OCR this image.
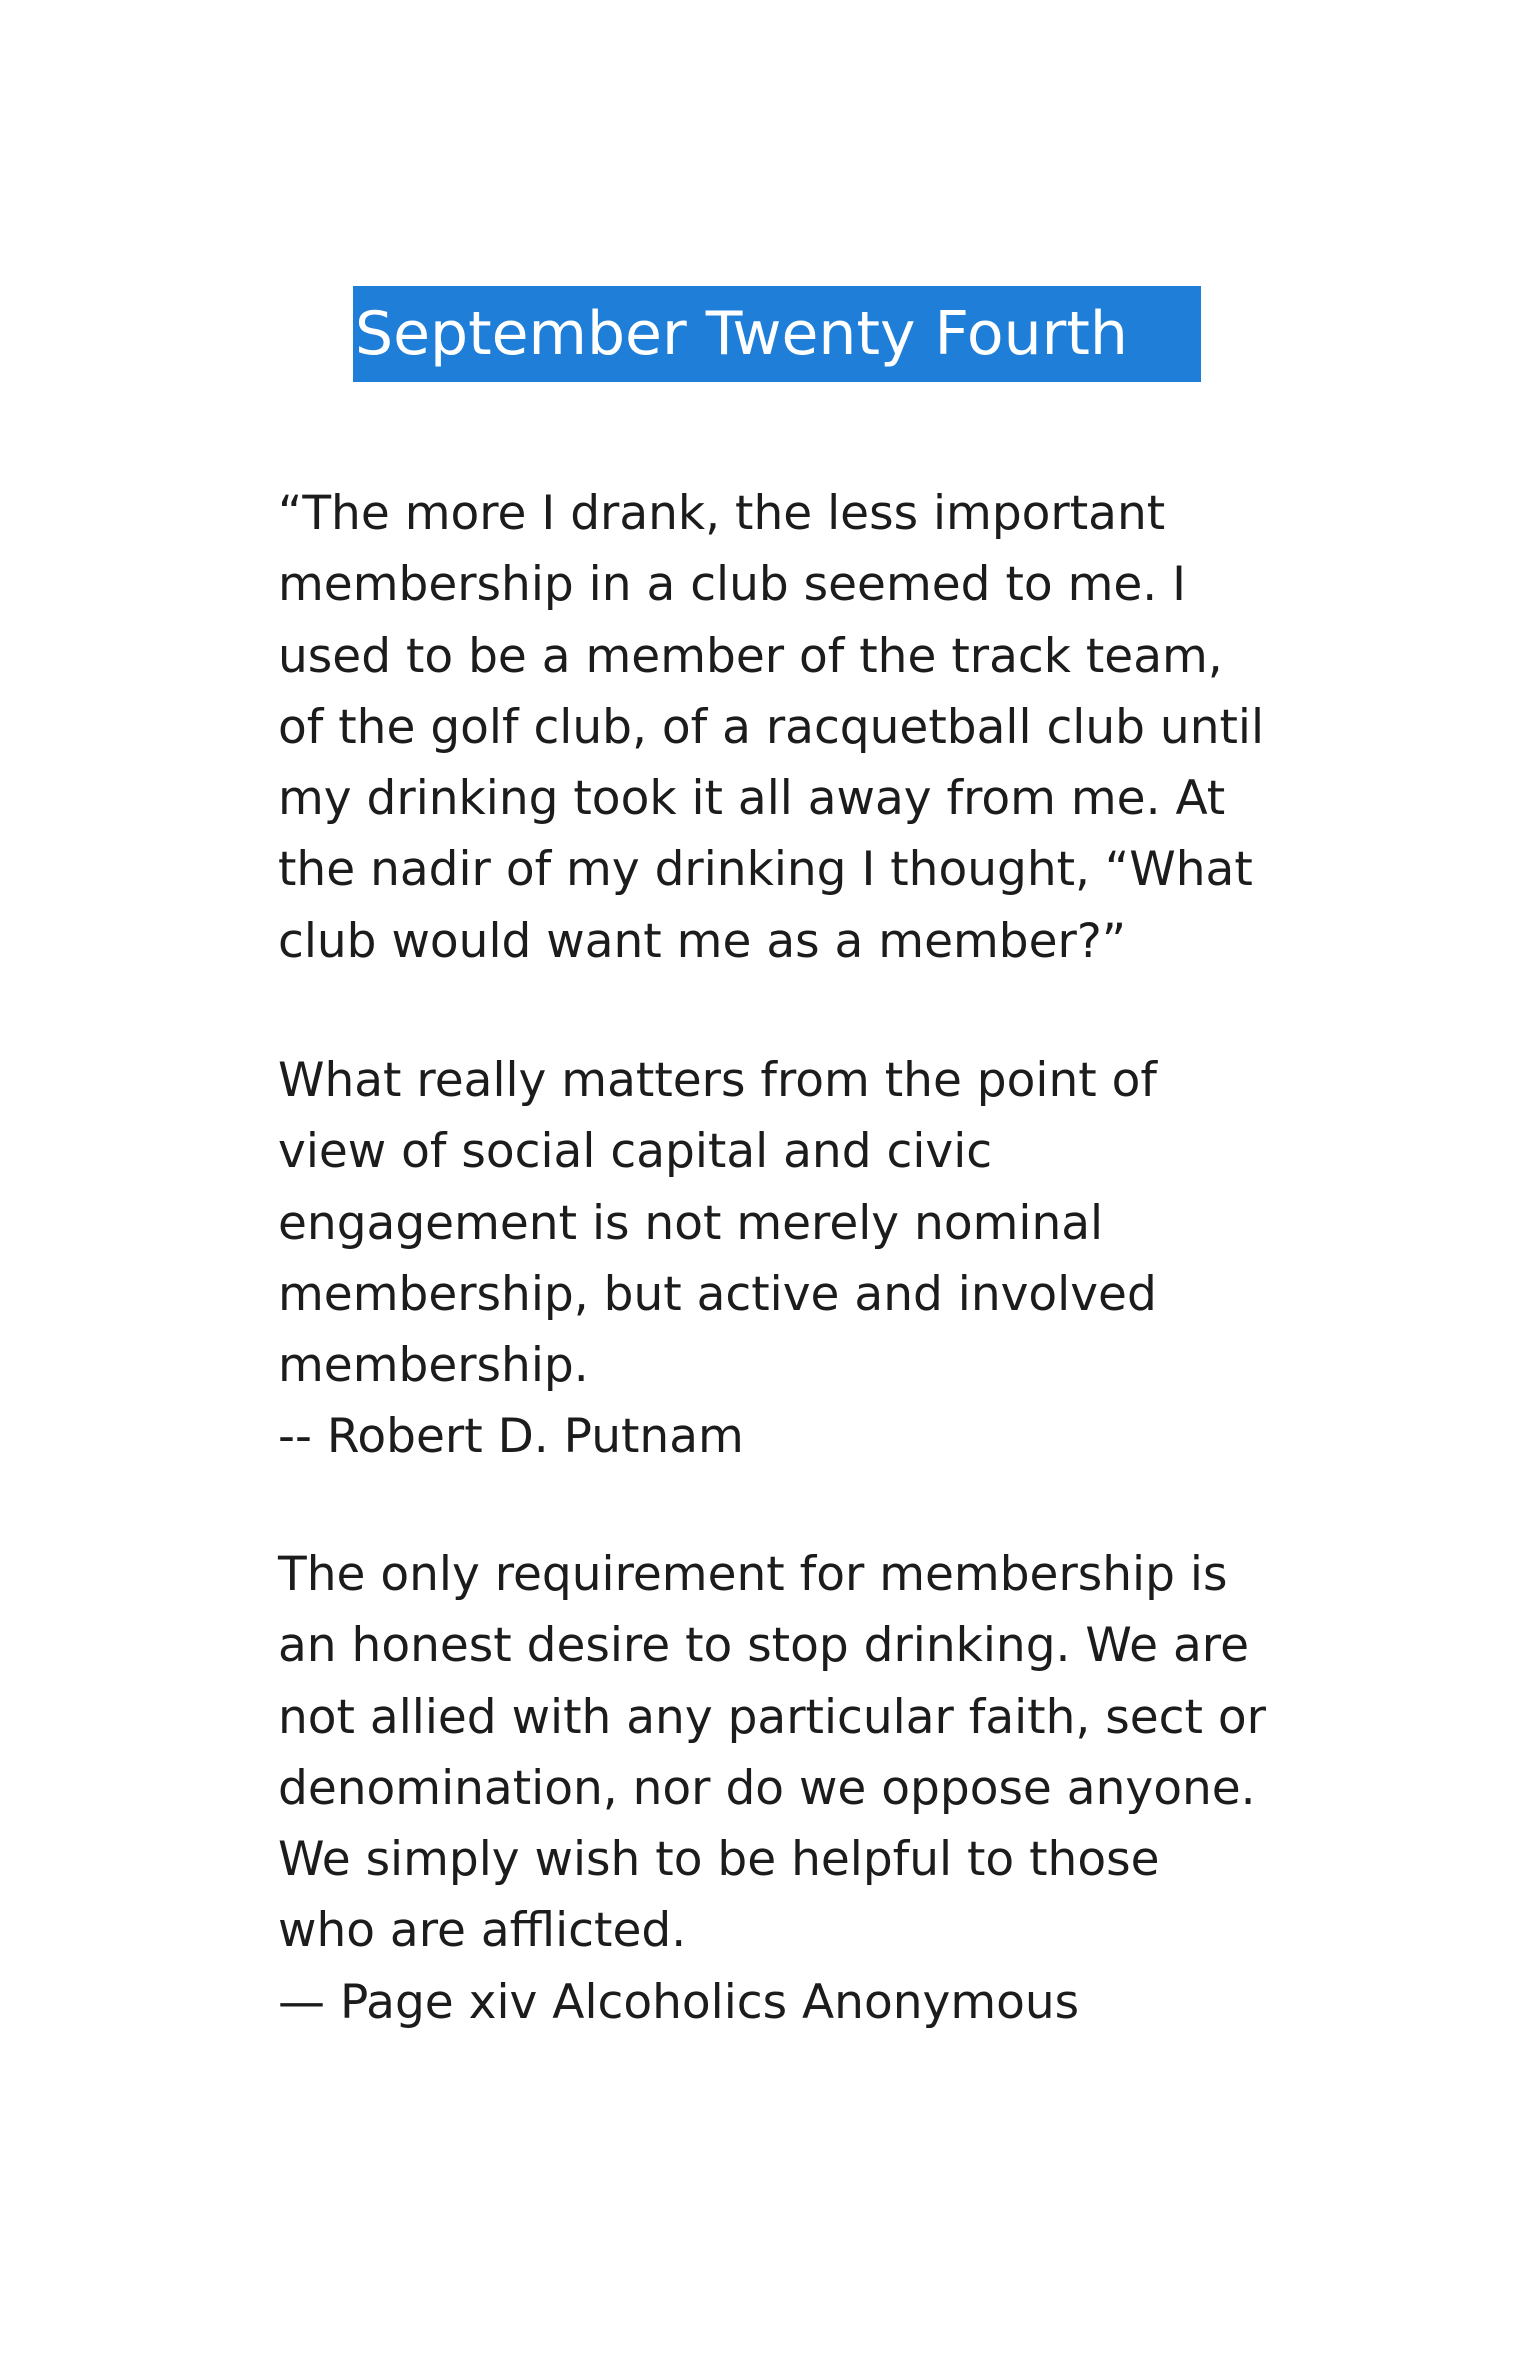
September Twenty Fourth

“The more I drank, the less important
membership in a club seemed to me. I
used to be a member of the track team,
of the golf club, of a racquetball club until
my drinking took it all away from me. At
the nadir of my drinking I thought, “What
club would want me as a member?”

What really matters from the point of
view of social capital and civic
engagement is not merely nominal
membership, but active and involved
membership.
-- Robert D. Putnam

The only requirement for membership is
an honest desire to stop drinking. We are
not allied with any particular faith, sect or
denomination, nor do we oppose anyone.
We simply wish to be helpful to those
who are afflicted.
— Page xiv Alcoholics Anonymous
